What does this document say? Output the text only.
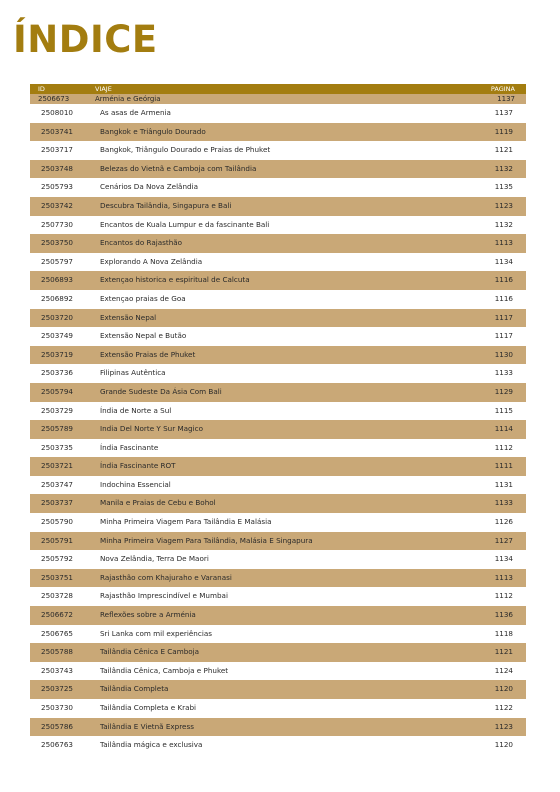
ÍNDICE
ID	VIAJE	PAGINA
2506673	Arménia e Geórgia	1137
2508010	As asas de Armenia	1137
2503741	Bangkok e Triângulo Dourado	1119
2503717	Bangkok, Triângulo Dourado e Praias de Phuket	1121
2503748	Belezas do Vietnã e Camboja com Tailândia	1132
2505793	Cenários Da Nova Zelândia	1135
2503742	Descubra Tailândia, Singapura e Bali	1123
2507730	Encantos de Kuala Lumpur e da fascinante Bali	1132
2503750	Encantos do Rajasthão	1113
2505797	Explorando A Nova Zelândia	1134
2506893	Extençao historica e espiritual de Calcuta	1116
2506892	Extençao praias de Goa	1116
2503720	Extensão Nepal	1117
2503749	Extensão Nepal e Butão	1117
2503719	Extensão Praias de Phuket	1130
2503736	Filipinas Autêntica	1133
2505794	Grande Sudeste Da Ásia Com Bali	1129
2503729	Índia de Norte a Sul	1115
2505789	India Del Norte Y Sur Magico	1114
2503735	Índia Fascinante	1112
2503721	Índia Fascinante ROT	1111
2503747	Indochina Essencial	1131
2503737	Manila e Praias de Cebu e Bohol	1133
2505790	Minha Primeira Viagem Para Tailândia E Malásia	1126
2505791	Minha Primeira Viagem Para Tailândia, Malásia E Singapura	1127
2505792	Nova Zelândia, Terra De Maori	1134
2503751	Rajasthão com Khajuraho e Varanasi	1113
2503728	Rajasthão Imprescindível e Mumbai	1112
2506672	Reflexões sobre a Arménia	1136
2506765	Sri Lanka com mil experiências	1118
2505788	Tailândia Cênica E Camboja	1121
2503743	Tailândia Cênica, Camboja e Phuket	1124
2503725	Tailândia Completa	1120
2503730	Tailândia Completa e Krabi	1122
2505786	Tailândia E Vietnã Express	1123
2506763	Tailândia mágica e exclusiva	1120
